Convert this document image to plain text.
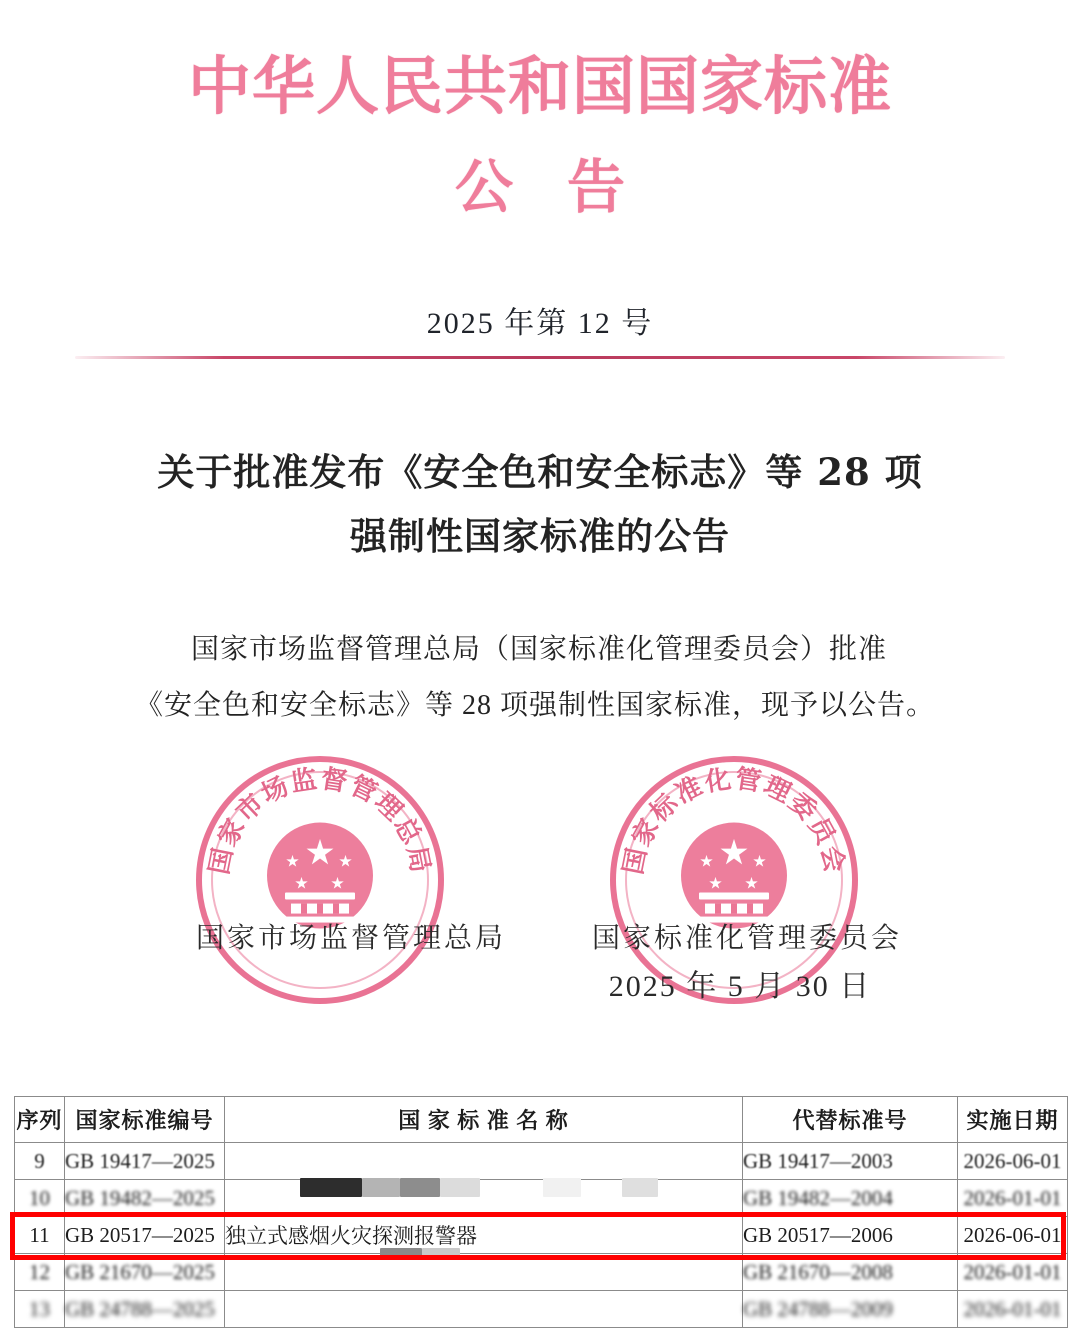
中华人民共和国国家标准
公告
2025 年第 12 号
关于批准发布《安全色和安全标志》等 28 项
强制性国家标准的公告
国家市场监督管理总局（国家标准化管理委员会）批准
《安全色和安全标志》等 28 项强制性国家标准，现予以公告。
国家市场监督管理总局	国家标准化管理委员会
国家市场监督管理总局	国家标准化管理委员会
2025 年 5 月 30 日
序列	国家标准编号	国 家 标 准 名 称	代替标准号	实施日期
9	GB 19417—2025		GB 19417—2003	2026-06-01
10	GB 19482—2025		GB 19482—2004	2026-01-01
11	GB 20517—2025	独立式感烟火灾探测报警器	GB 20517—2006	2026-06-01
12	GB 21670—2025		GB 21670—2008	2026-01-01
13	GB 24788—2025		GB 24788—2009	2026-01-01
